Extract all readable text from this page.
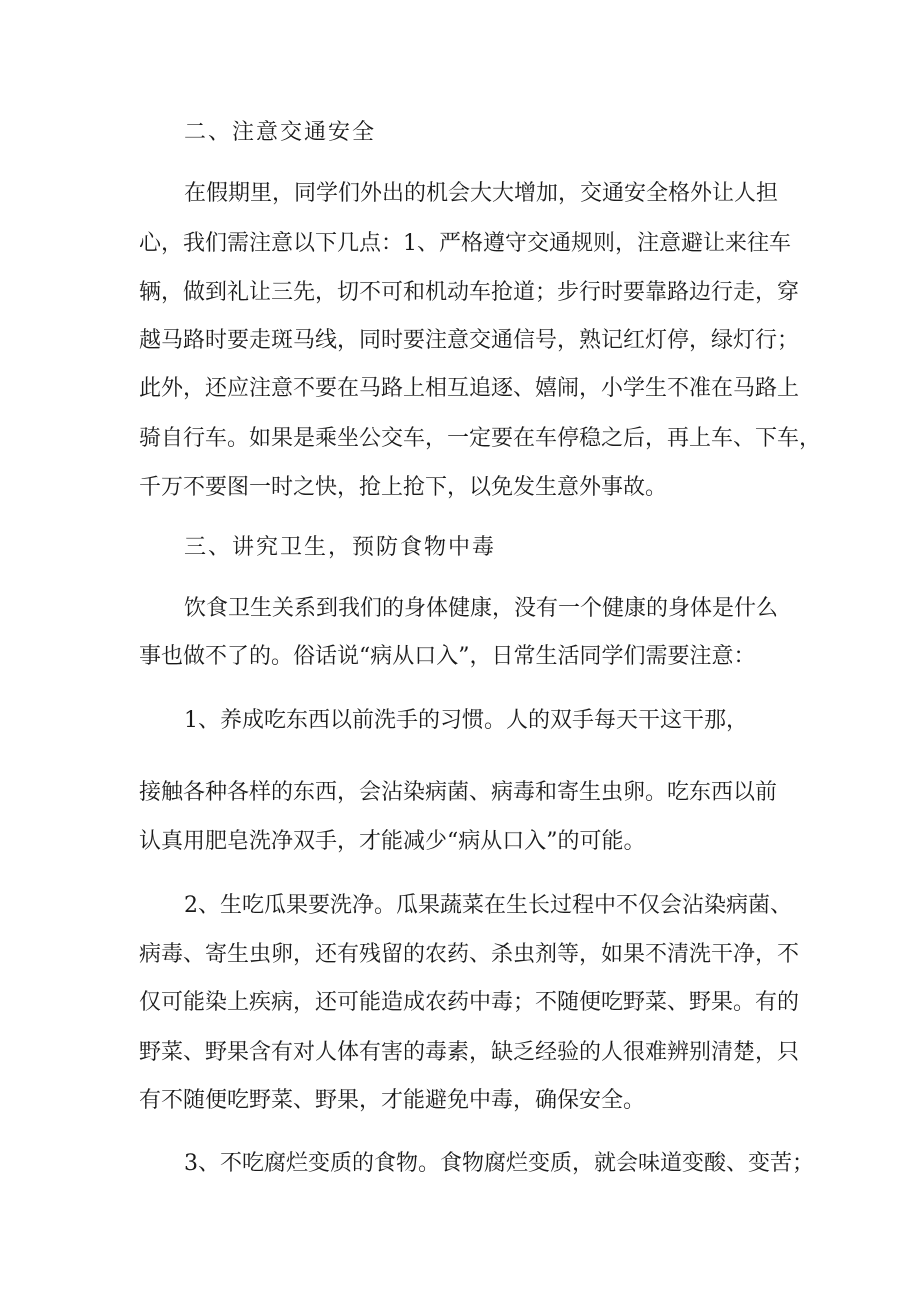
二、注意交通安全
在假期里，同学们外出的机会大大增加，交通安全格外让人担
心，我们需注意以下几点：1、严格遵守交通规则，注意避让来往车
辆，做到礼让三先，切不可和机动车抢道；步行时要靠路边行走，穿
越马路时要走斑马线，同时要注意交通信号，熟记红灯停，绿灯行；
此外，还应注意不要在马路上相互追逐、嬉闹，小学生不准在马路上
骑自行车。如果是乘坐公交车，一定要在车停稳之后，再上车、下车，
千万不要图一时之快，抢上抢下，以免发生意外事故。
三、讲究卫生，预防食物中毒
饮食卫生关系到我们的身体健康，没有一个健康的身体是什么
事也做不了的。俗话说“病从口入”，日常生活同学们需要注意：
1、养成吃东西以前洗手的习惯。人的双手每天干这干那，
接触各种各样的东西，会沾染病菌、病毒和寄生虫卵。吃东西以前
认真用肥皂洗净双手，才能减少“病从口入”的可能。
2、生吃瓜果要洗净。瓜果蔬菜在生长过程中不仅会沾染病菌、
病毒、寄生虫卵，还有残留的农药、杀虫剂等，如果不清洗干净，不
仅可能染上疾病，还可能造成农药中毒；不随便吃野菜、野果。有的
野菜、野果含有对人体有害的毒素，缺乏经验的人很难辨别清楚，只
有不随便吃野菜、野果，才能避免中毒，确保安全。
3、不吃腐烂变质的食物。食物腐烂变质，就会味道变酸、变苦；
